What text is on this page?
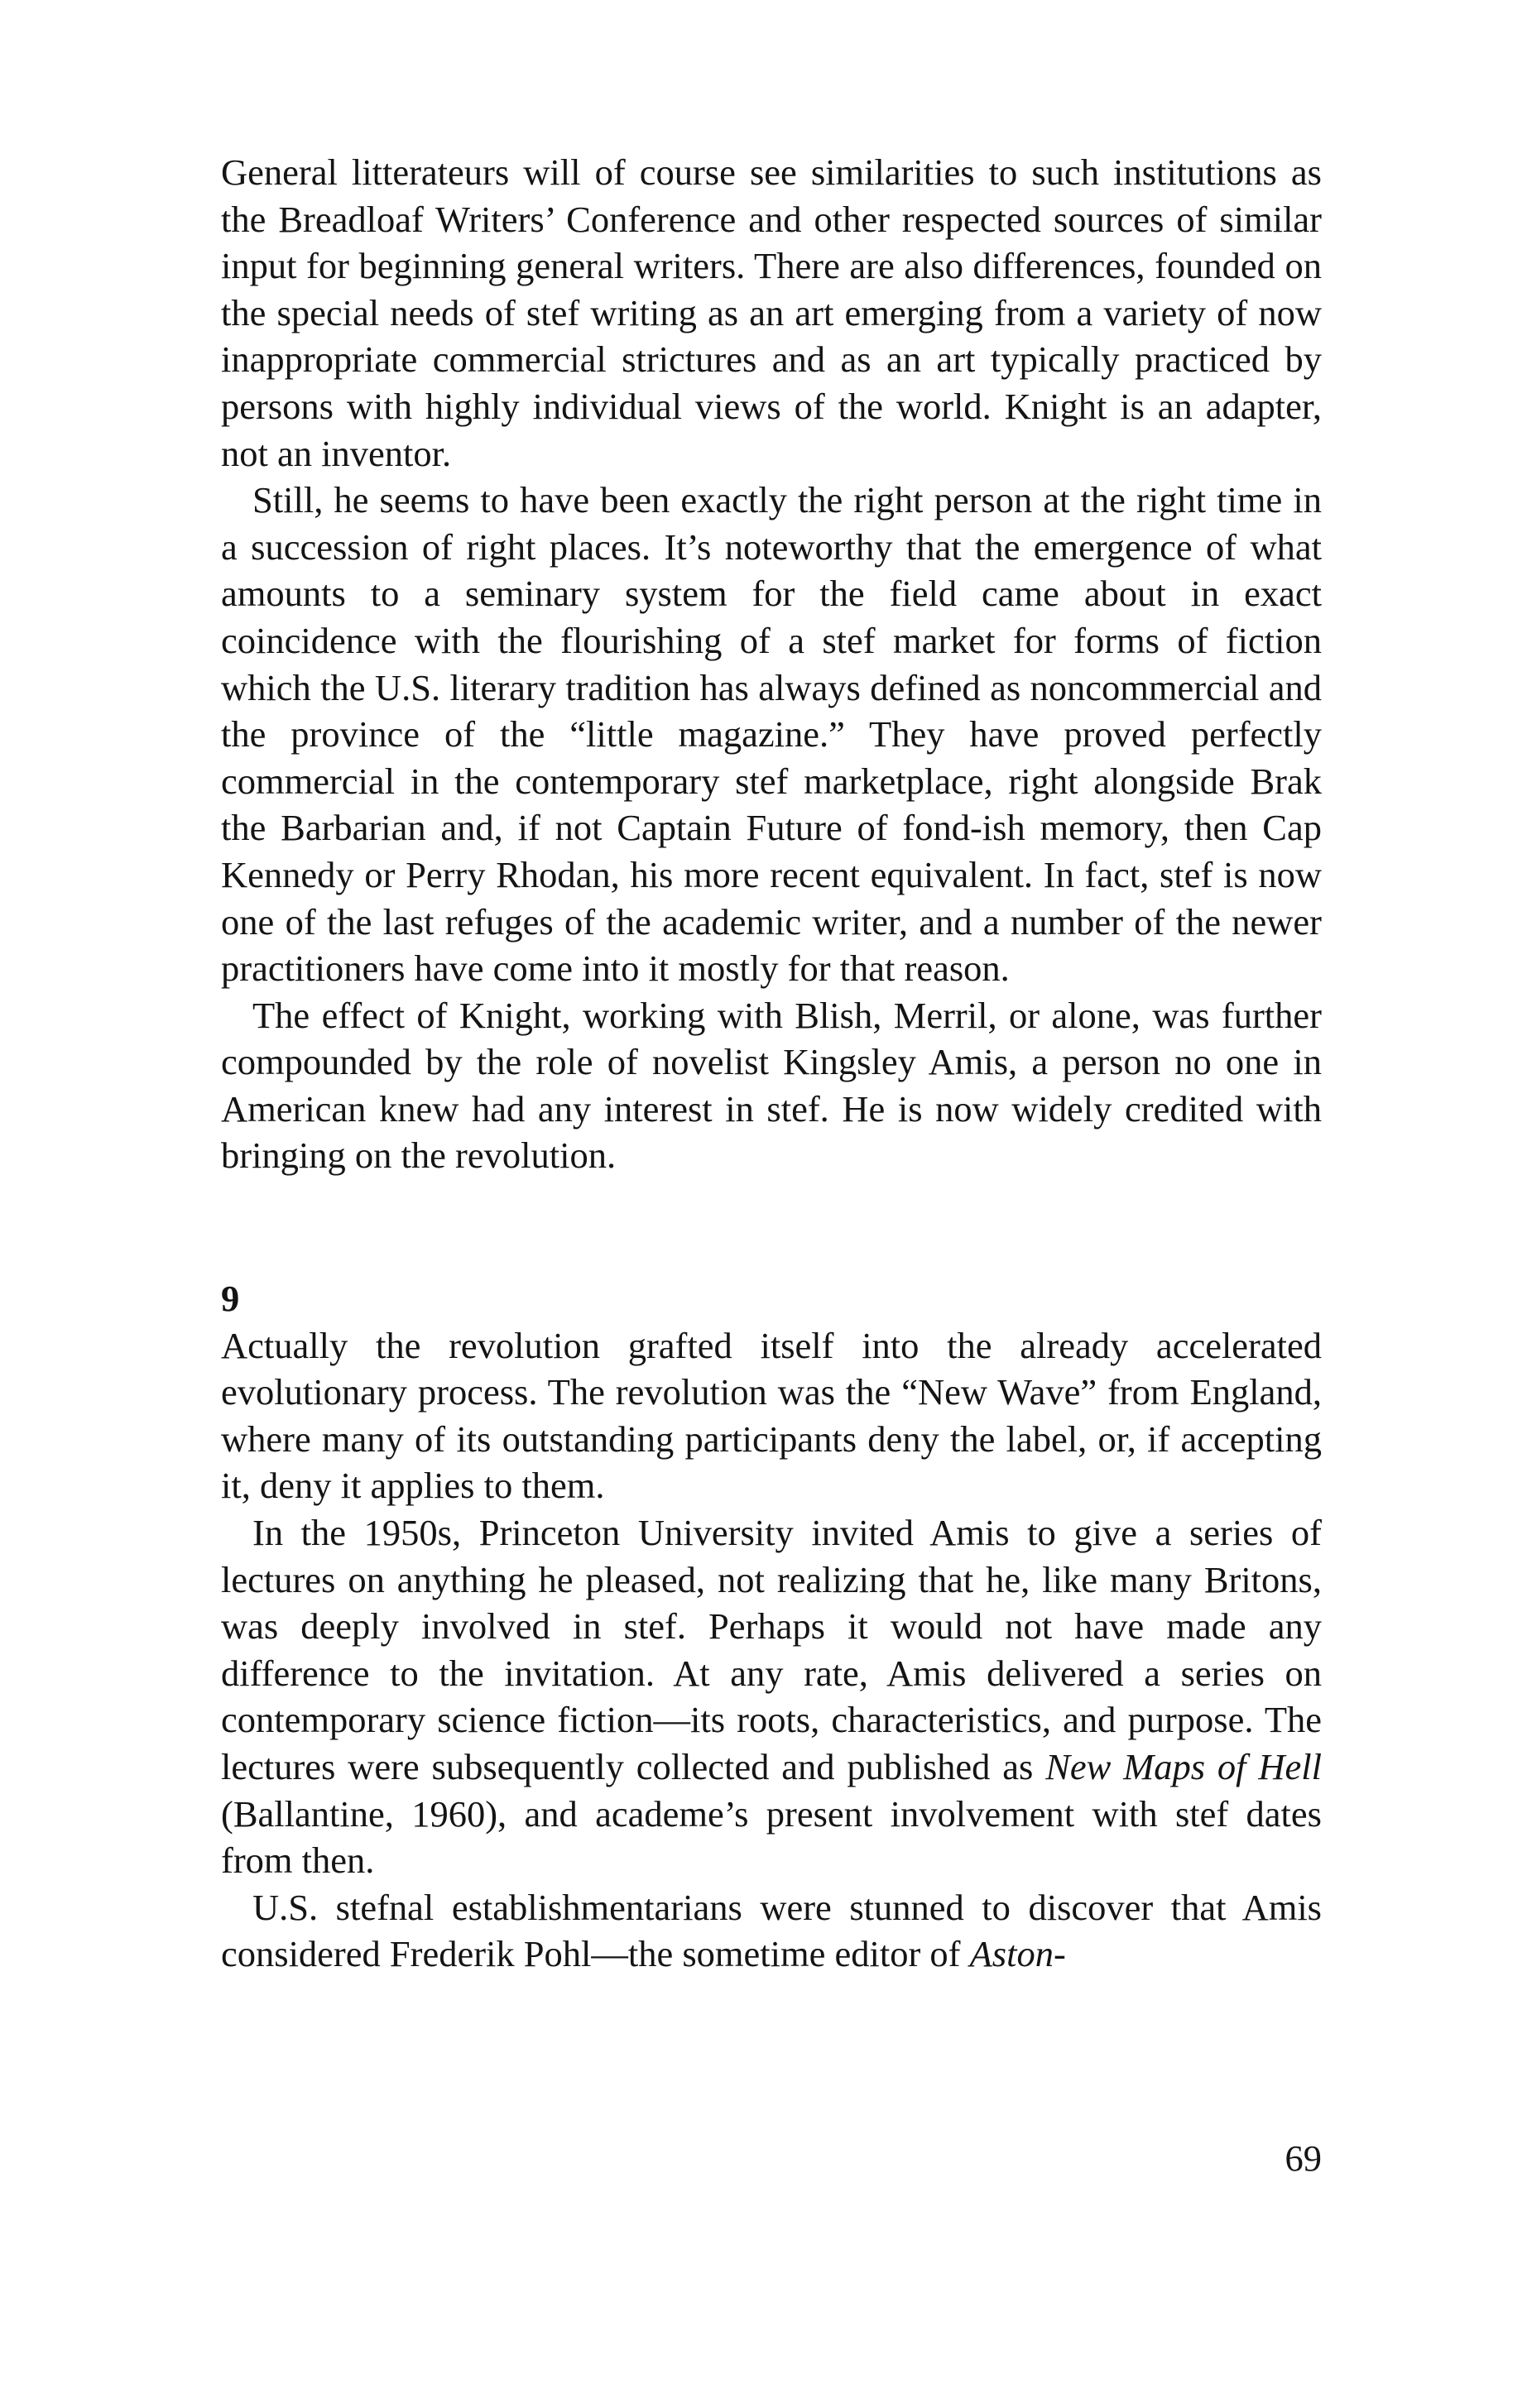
General litterateurs will of course see similarities to such institutions as the Breadloaf Writers’ Conference and other respected sources of similar input for beginning general writers. There are also differences, founded on the special needs of stef writing as an art emerging from a variety of now inappropriate commercial strictures and as an art typically practiced by persons with highly individual views of the world. Knight is an adapter, not an inventor.

Still, he seems to have been exactly the right person at the right time in a succession of right places. It’s noteworthy that the emergence of what amounts to a seminary system for the field came about in exact coincidence with the flourishing of a stef market for forms of fiction which the U.S. literary tradition has always defined as noncommercial and the province of the “little magazine.” They have proved perfectly commercial in the contemporary stef marketplace, right alongside Brak the Barbarian and, if not Captain Future of fond-ish memory, then Cap Kennedy or Perry Rhodan, his more recent equivalent. In fact, stef is now one of the last refuges of the academic writer, and a number of the newer practitioners have come into it mostly for that reason.

The effect of Knight, working with Blish, Merril, or alone, was further compounded by the role of novelist Kingsley Amis, a person no one in American knew had any interest in stef. He is now widely credited with bringing on the revolution.

9

Actually the revolution grafted itself into the already accelerated evolutionary process. The revolution was the “New Wave” from England, where many of its outstanding participants deny the label, or, if accepting it, deny it applies to them.

In the 1950s, Princeton University invited Amis to give a series of lectures on anything he pleased, not realizing that he, like many Britons, was deeply involved in stef. Perhaps it would not have made any difference to the invitation. At any rate, Amis delivered a series on contemporary science fiction—its roots, characteristics, and purpose. The lectures were subsequently collected and published as New Maps of Hell (Ballantine, 1960), and academe’s present involvement with stef dates from then.

U.S. stefnal establishmentarians were stunned to discover that Amis considered Frederik Pohl—the sometime editor of Aston-

69
